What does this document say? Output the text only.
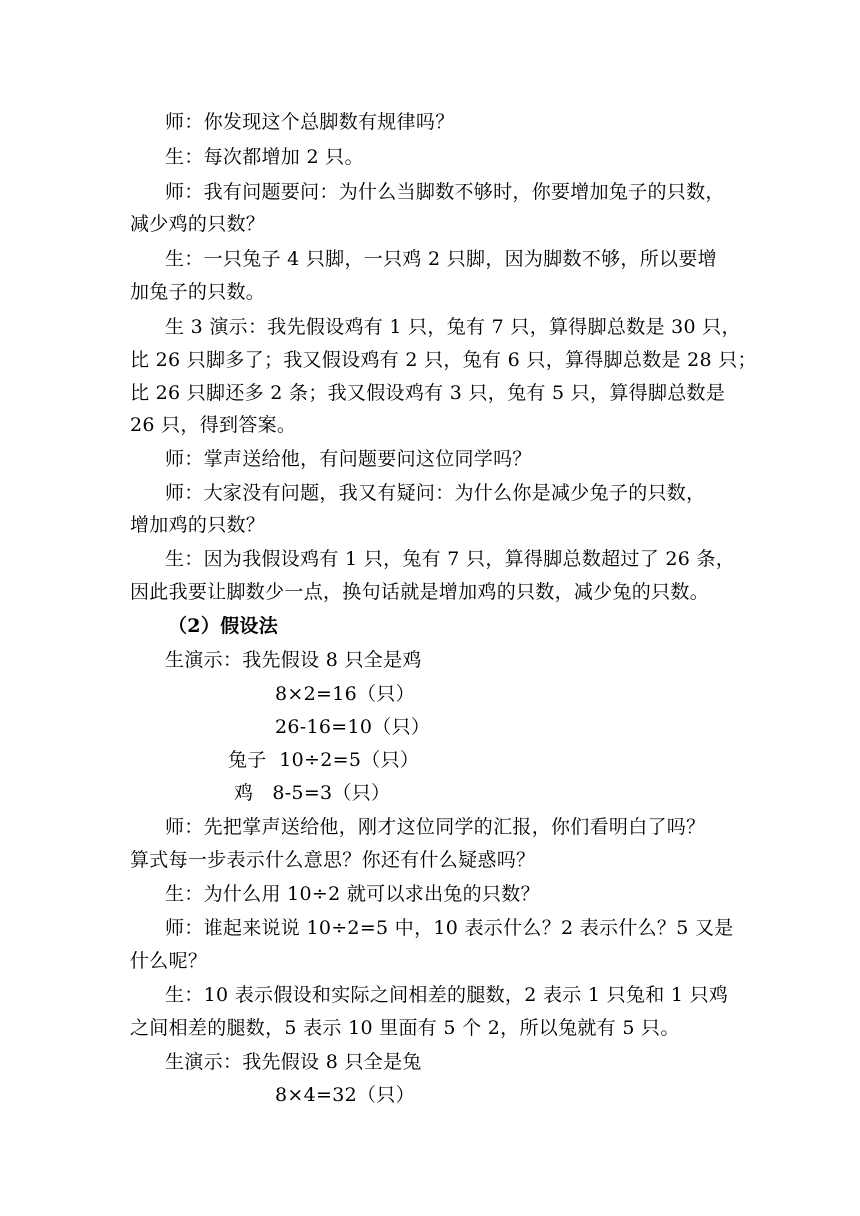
师：你发现这个总脚数有规律吗？
生：每次都增加 2 只。
师：我有问题要问：为什么当脚数不够时，你要增加兔子的只数，
减少鸡的只数？
生：一只兔子 4 只脚，一只鸡 2 只脚，因为脚数不够，所以要增
加兔子的只数。
生 3 演示：我先假设鸡有 1 只，兔有 7 只，算得脚总数是 30 只，
比 26 只脚多了；我又假设鸡有 2 只，兔有 6 只，算得脚总数是 28 只；
比 26 只脚还多 2 条；我又假设鸡有 3 只，兔有 5 只，算得脚总数是
26 只，得到答案。
师：掌声送给他，有问题要问这位同学吗？
师：大家没有问题，我又有疑问：为什么你是减少兔子的只数，
增加鸡的只数？
生：因为我假设鸡有 1 只，兔有 7 只，算得脚总数超过了 26 条，
因此我要让脚数少一点，换句话就是增加鸡的只数，减少兔的只数。
（2）假设法
生演示：我先假设 8 只全是鸡
8×2=16（只）
26-16=10（只）
兔子  10÷2=5（只）
鸡   8-5=3（只）
师：先把掌声送给他，刚才这位同学的汇报，你们看明白了吗？
算式每一步表示什么意思？你还有什么疑惑吗？
生：为什么用 10÷2 就可以求出兔的只数？
师：谁起来说说 10÷2=5 中，10 表示什么？2 表示什么？5 又是
什么呢？
生：10 表示假设和实际之间相差的腿数，2 表示 1 只兔和 1 只鸡
之间相差的腿数，5 表示 10 里面有 5 个 2，所以兔就有 5 只。
生演示：我先假设 8 只全是兔
8×4=32（只）
